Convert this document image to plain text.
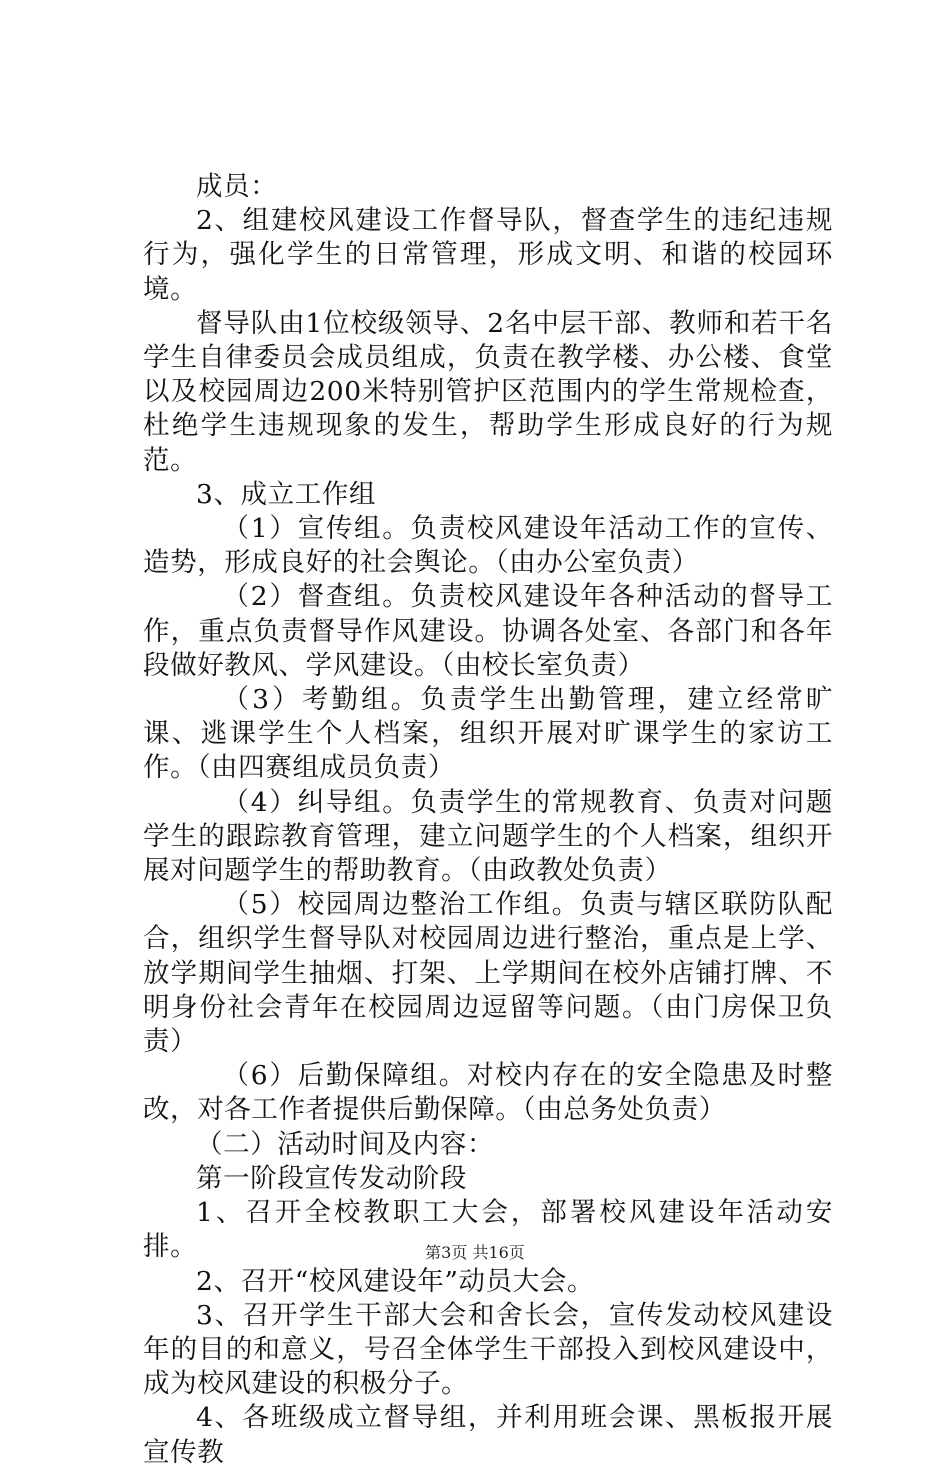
成员：

2、组建校风建设工作督导队，督查学生的违纪违规行为，强化学生的日常管理，形成文明、和谐的校园环境。

督导队由1位校级领导、2名中层干部、教师和若干名学生自律委员会成员组成，负责在教学楼、办公楼、食堂以及校园周边200米特别管护区范围内的学生常规检查，杜绝学生违规现象的发生，帮助学生形成良好的行为规范。

3、成立工作组

（1）宣传组。负责校风建设年活动工作的宣传、造势，形成良好的社会舆论。（由办公室负责）

（2）督查组。负责校风建设年各种活动的督导工作，重点负责督导作风建设。协调各处室、各部门和各年段做好教风、学风建设。（由校长室负责）

（3）考勤组。负责学生出勤管理，建立经常旷课、逃课学生个人档案，组织开展对旷课学生的家访工作。（由四赛组成员负责）

（4）纠导组。负责学生的常规教育、负责对问题学生的跟踪教育管理，建立问题学生的个人档案，组织开展对问题学生的帮助教育。（由政教处负责）

（5）校园周边整治工作组。负责与辖区联防队配合，组织学生督导队对校园周边进行整治，重点是上学、放学期间学生抽烟、打架、上学期间在校外店铺打牌、不明身份社会青年在校园周边逗留等问题。（由门房保卫负责）

（6）后勤保障组。对校内存在的安全隐患及时整改，对各工作者提供后勤保障。（由总务处负责）

（二）活动时间及内容：

第一阶段宣传发动阶段

1、召开全校教职工大会，部署校风建设年活动安排。

2、召开“校风建设年”动员大会。

3、召开学生干部大会和舍长会，宣传发动校风建设年的目的和意义，号召全体学生干部投入到校风建设中，成为校风建设的积极分子。

4、各班级成立督导组，并利用班会课、黑板报开展宣传教

第3页 共16页
